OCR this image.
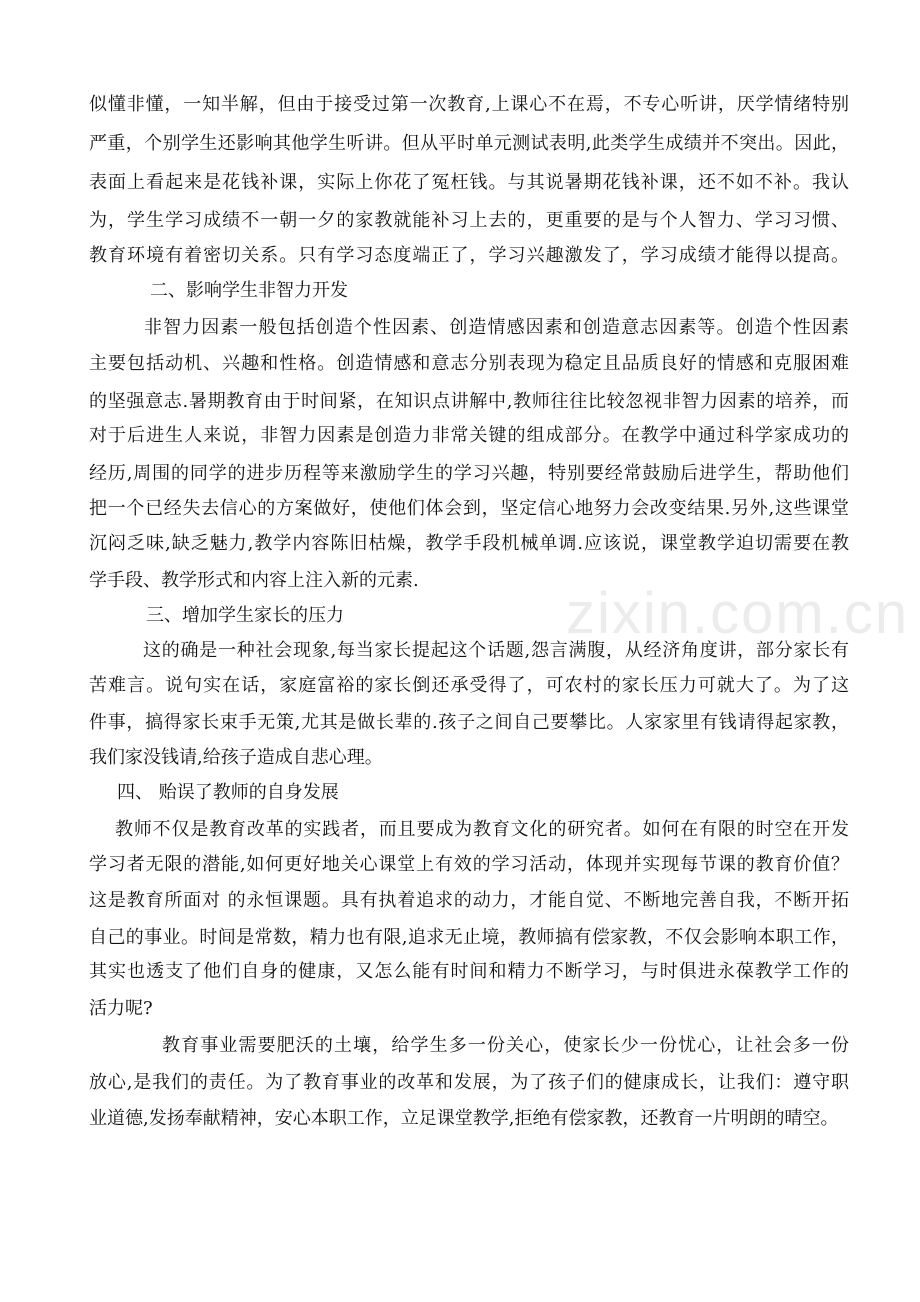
zixin.com.cn
似懂非懂，一知半解，但由于接受过第一次教育,上课心不在焉，不专心听讲，厌学情绪特别
严重，个别学生还影响其他学生听讲。但从平时单元测试表明,此类学生成绩并不突出。因此，
表面上看起来是花钱补课，实际上你花了冤枉钱。与其说暑期花钱补课，还不如不补。我认
为，学生学习成绩不一朝一夕的家教就能补习上去的，更重要的是与个人智力、学习习惯、
教育环境有着密切关系。只有学习态度端正了，学习兴趣激发了，学习成绩才能得以提高。
二、影响学生非智力开发
非智力因素一般包括创造个性因素、创造情感因素和创造意志因素等。创造个性因素
主要包括动机、兴趣和性格。创造情感和意志分别表现为稳定且品质良好的情感和克服困难
的坚强意志.暑期教育由于时间紧，在知识点讲解中,教师往往比较忽视非智力因素的培养，而
对于后进生人来说，非智力因素是创造力非常关键的组成部分。在教学中通过科学家成功的
经历,周围的同学的进步历程等来激励学生的学习兴趣，特别要经常鼓励后进学生，帮助他们
把一个已经失去信心的方案做好，使他们体会到，坚定信心地努力会改变结果.另外,这些课堂
沉闷乏味,缺乏魅力,教学内容陈旧枯燥，教学手段机械单调.应该说，课堂教学迫切需要在教
学手段、教学形式和内容上注入新的元素.
三、增加学生家长的压力
这的确是一种社会现象,每当家长提起这个话题,怨言满腹，从经济角度讲，部分家长有
苦难言。说句实在话，家庭富裕的家长倒还承受得了，可农村的家长压力可就大了。为了这
件事，搞得家长束手无策,尤其是做长辈的.孩子之间自己要攀比。人家家里有钱请得起家教，
我们家没钱请,给孩子造成自悲心理。
四、 贻误了教师的自身发展
教师不仅是教育改革的实践者，而且要成为教育文化的研究者。如何在有限的时空在开发
学习者无限的潜能,如何更好地关心课堂上有效的学习活动，体现并实现每节课的教育价值？
这是教育所面对 的永恒课题。具有执着追求的动力，才能自觉、不断地完善自我，不断开拓
自己的事业。时间是常数，精力也有限,追求无止境，教师搞有偿家教，不仅会影响本职工作，
其实也透支了他们自身的健康，又怎么能有时间和精力不断学习，与时俱进永葆教学工作的
活力呢?
教育事业需要肥沃的土壤，给学生多一份关心，使家长少一份忧心，让社会多一份
放心,是我们的责任。为了教育事业的改革和发展，为了孩子们的健康成长，让我们：遵守职
业道德,发扬奉献精神，安心本职工作，立足课堂教学,拒绝有偿家教，还教育一片明朗的晴空。
